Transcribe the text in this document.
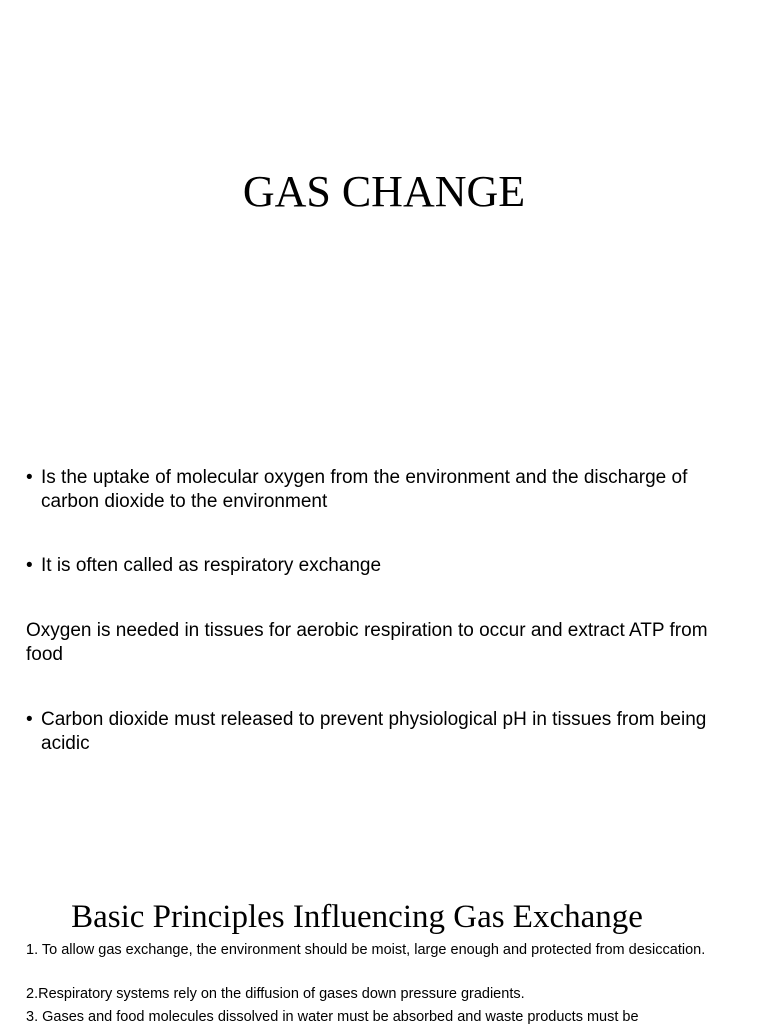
GAS CHANGE
• Is the uptake of molecular oxygen from the environment and the discharge of carbon dioxide to the environment
• It is often called as respiratory exchange

Oxygen is needed in tissues for aerobic respiration to occur and extract ATP from food

• Carbon dioxide must released to prevent physiological pH in tissues from being acidic
Basic Principles Influencing Gas Exchange

1. To allow gas exchange, the environment should be moist, large enough and protected from desiccation.

2.Respiratory systems rely on the diffusion of gases down pressure gradients.

3. Gases and food molecules dissolved in water must be absorbed and waste products must be
